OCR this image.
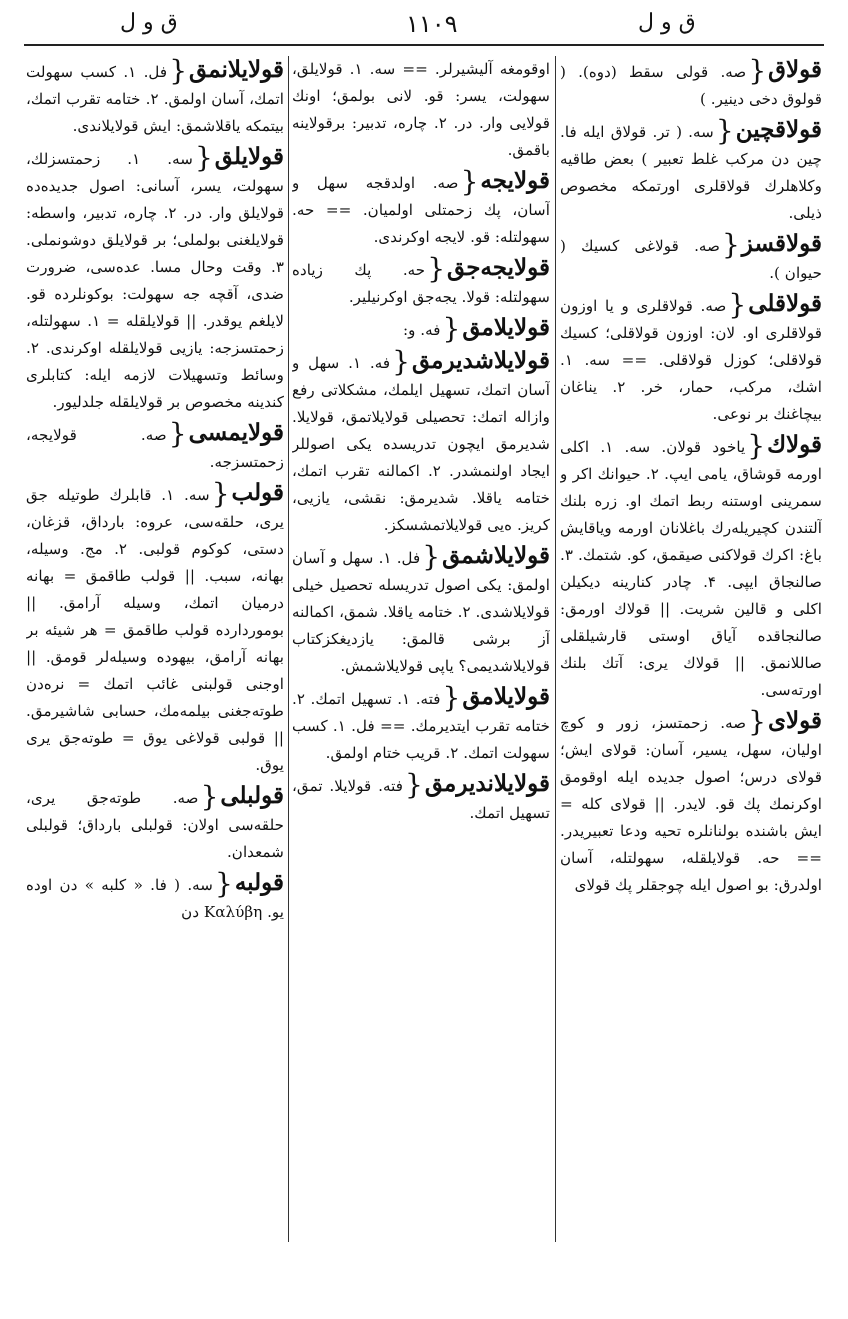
ق و ل	۱۱۰۹	ق و ل
قولاق{صه. قولی سقط (دوه). ( قولوق دخی دینیر. )
قولاقچین{سه. ( تر. قولاق ایله فا. چین دن مرکب غلط تعبیر ) بعض طاقیه وکلاهلرك قولاقلری اورتمکه مخصوص ذیلی.
قولاقسز{صه. قولاغی کسیك ( حیوان ).
قولاقلی{صه. قولاقلری و یا اوزون قولاقلری او. لان: اوزون قولاقلی؛ کسیك قولاقلی؛ کوزل قولاقلی. == سه. ۱. اشك، مرکب، حمار، خر. ۲. یناغان بیچاغنك بر نوعی.
قولاك{یاخود قولان. سه. ۱. اکلی اورمه قوشاق، یامی ایپ. ۲. حیوانك اکر و سمرینی اوستنه ربط اتمك او. زره بلنك آلتندن کچیریله‌رك باغلانان اورمه ویاقایش باغ: اکرك قولاکنی صیقمق، کو. شتمك. ۳. صالنجاق ایپی. ۴. چادر کنارینه دیکیلن اکلی و قالین شریت. || قولاك اورمق: صالنجاقده آیاق اوستی قارشیلقلی صاللانمق. || قولاك یری: آتك بلنك اورته‌سی.
قولای{صه. زحمتسز، زور و کوچ اولیان، سهل، یسیر، آسان: قولای ایش؛ قولای درس؛ اصول جدیده ایله اوقومق اوکرنمك پك قو. لایدر. || قولای کله = ایش باشنده بولنانلره تحیه ودعا تعبیریدر. == حه. قولایلقله، سهولتله، آسان اولدرق: بو اصول ایله چوجقلر پك قولای
اوقومغه آلیشیرلر. == سه. ۱. قولایلق، سهولت، یسر: قو. لانی بولمق؛ اونك قولایی وار. در. ۲. چاره، تدبیر: برقولاینه باقمق.
قولایجه{صه. اولدقجه سهل و آسان، پك زحمتلی اولمیان. == حه. سهولتله: قو. لایجه اوکرندی.
قولایجه‌جق{حه. پك زیاده سهولتله: قولا. یجه‌جق اوکرنیلیر.
قولایلامق{فه. و:
قولایلاشدیرمق{فه. ۱. سهل و آسان اتمك، تسهیل ایلمك، مشکلاتی رفع وازاله اتمك: تحصیلی قولایلاتمق، قولایلا. شدیرمق ایچون تدریسده یکی اصوللر ایجاد اولنمشدر. ۲. اکمالنه تقرب اتمك، ختامه یاقلا. شدیرمق: نقشی، یازیی، کریز. ه‌یی قولایلاتمشسکز.
قولایلاشمق{فل. ۱. سهل و آسان اولمق: یکی اصول تدریسله تحصیل خیلی قولایلاشدی. ۲. ختامه یاقلا. شمق، اکمالنه آز برشی قالمق: یازدیغکزکتاب قولایلاشدیمی؟ یاپی قولایلاشمش.
قولایلامق{فته. ۱. تسهیل اتمك. ۲. ختامه تقرب ایتدیرمك. == فل. ۱. کسب سهولت اتمك. ۲. قریب ختام اولمق.
قولایلاندیرمق{فته. قولایلا. تمق، تسهیل اتمك.
قولایلانمق{فل. ۱. کسب سهولت اتمك، آسان اولمق. ۲. ختامه تقرب اتمك، بیتمکه یاقلاشمق: ایش قولایلاندی.
قولایلق{سه. ۱. زحمتسزلك، سهولت، یسر، آسانی: اصول جدیده‌ده قولایلق وار. در. ۲. چاره، تدبیر، واسطه: قولایلغنی بولملی؛ بر قولایلق دوشونملی. ۳. وقت وحال مسا. عده‌سی، ضرورت ضدی، آقچه جه سهولت: بوکونلرده قو. لایلغم یوقدر. || قولایلقله = ۱. سهولتله، زحمتسزجه: یازیی قولایلقله اوکرندی. ۲. وسائط وتسهیلات لازمه ایله: کتابلری کندینه مخصوص بر قولایلقله جلدلیور.
قولایمسی{صه. قولایجه، زحمتسزجه.
قولب{سه. ۱. قابلرك طوتیله جق یری، حلقه‌سی، عروه: بارداق، قزغان، دستی، کوکوم قولبی. ۲. مج. وسیله، بهانه، سبب. || قولب طاقمق = بهانه درمیان اتمك، وسیله آرامق. || بوموردارده قولب طاقمق = هر شیئه بر بهانه آرامق، بیهوده وسیله‌لر قومق. || اوجنی قولبنی غائب اتمك = نره‌دن طوته‌جغنی بیلمه‌مك، حسابی شاشیرمق. || قولبی قولاغی یوق = طوته‌جق یری یوق.
قولبلی{صه. طوته‌جق یری، حلقه‌سی اولان: قولبلی بارداق؛ قولبلی شمعدان.
قولبه{سه. ( فا. « کلبه » دن اوده یو. Καλύβη دن
